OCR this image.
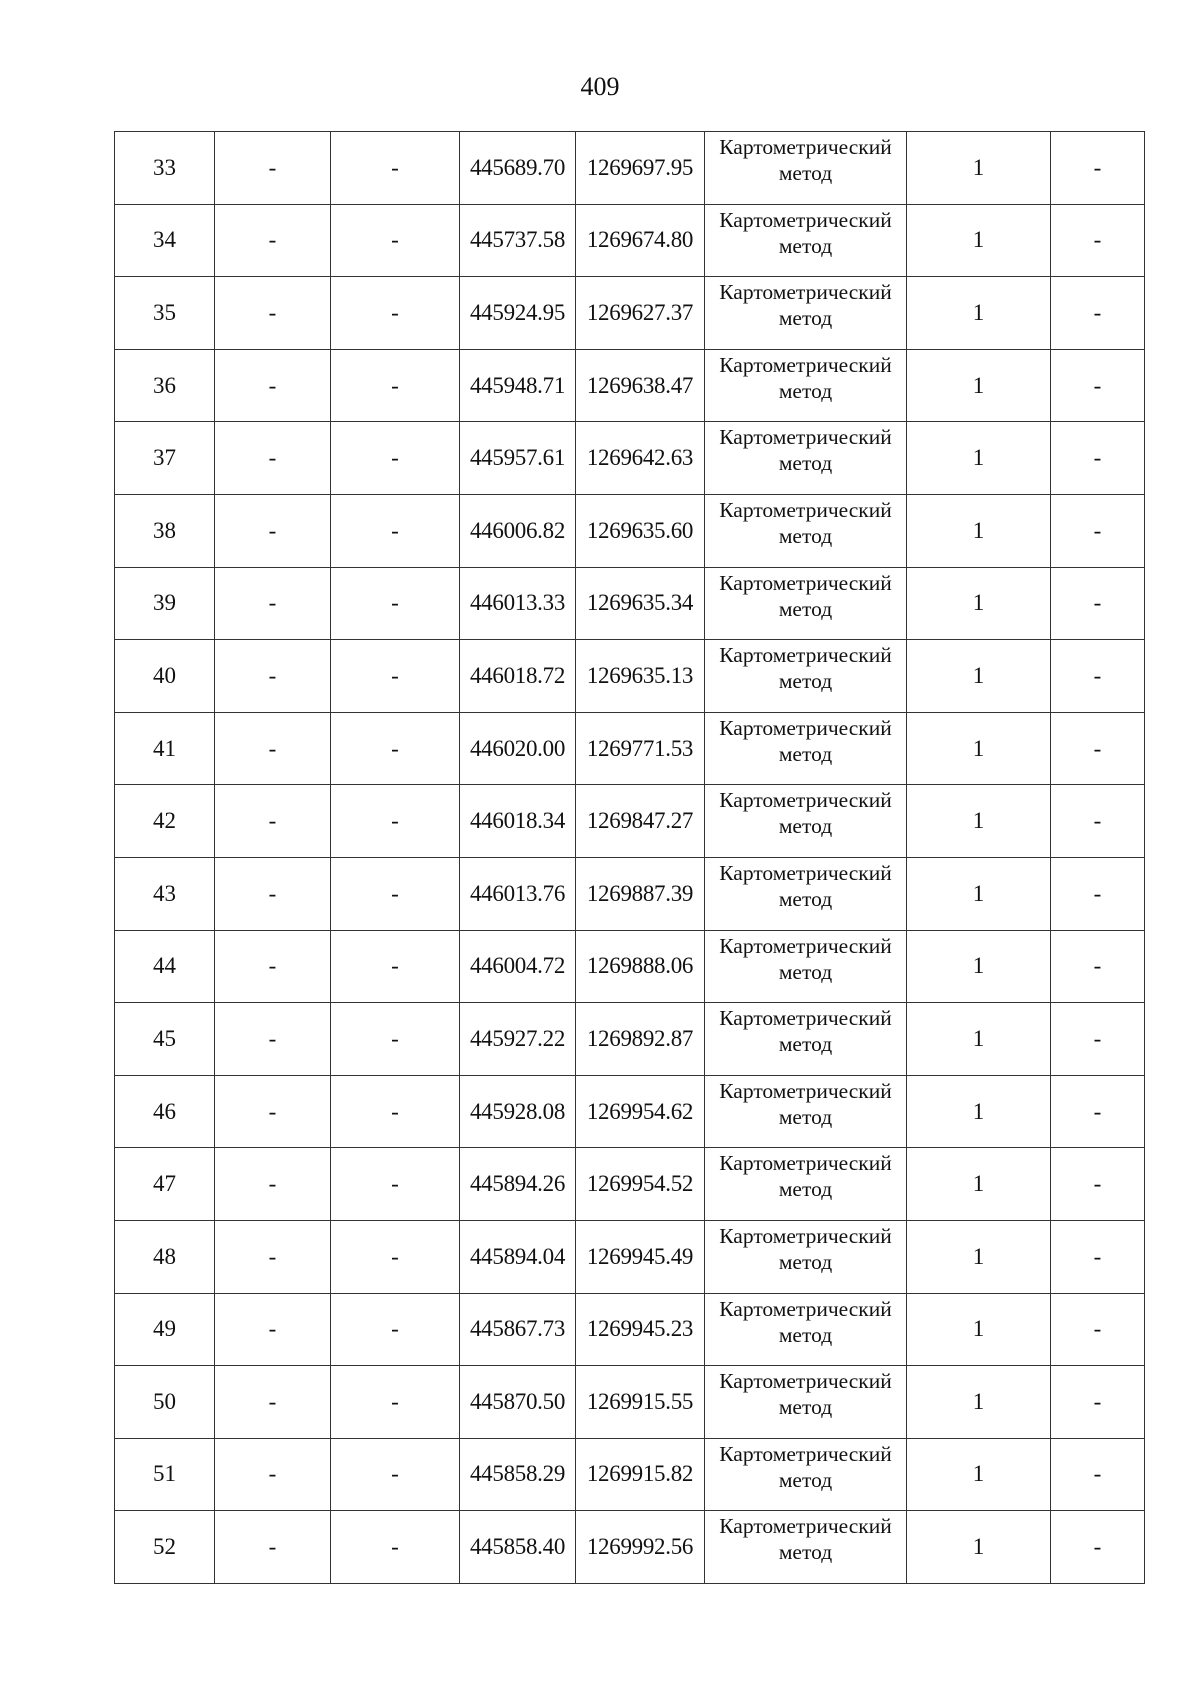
409
33	-	-	445689.70	1269697.95	Картометрический метод	1	-
34	-	-	445737.58	1269674.80	Картометрический метод	1	-
35	-	-	445924.95	1269627.37	Картометрический метод	1	-
36	-	-	445948.71	1269638.47	Картометрический метод	1	-
37	-	-	445957.61	1269642.63	Картометрический метод	1	-
38	-	-	446006.82	1269635.60	Картометрический метод	1	-
39	-	-	446013.33	1269635.34	Картометрический метод	1	-
40	-	-	446018.72	1269635.13	Картометрический метод	1	-
41	-	-	446020.00	1269771.53	Картометрический метод	1	-
42	-	-	446018.34	1269847.27	Картометрический метод	1	-
43	-	-	446013.76	1269887.39	Картометрический метод	1	-
44	-	-	446004.72	1269888.06	Картометрический метод	1	-
45	-	-	445927.22	1269892.87	Картометрический метод	1	-
46	-	-	445928.08	1269954.62	Картометрический метод	1	-
47	-	-	445894.26	1269954.52	Картометрический метод	1	-
48	-	-	445894.04	1269945.49	Картометрический метод	1	-
49	-	-	445867.73	1269945.23	Картометрический метод	1	-
50	-	-	445870.50	1269915.55	Картометрический метод	1	-
51	-	-	445858.29	1269915.82	Картометрический метод	1	-
52	-	-	445858.40	1269992.56	Картометрический метод	1	-
